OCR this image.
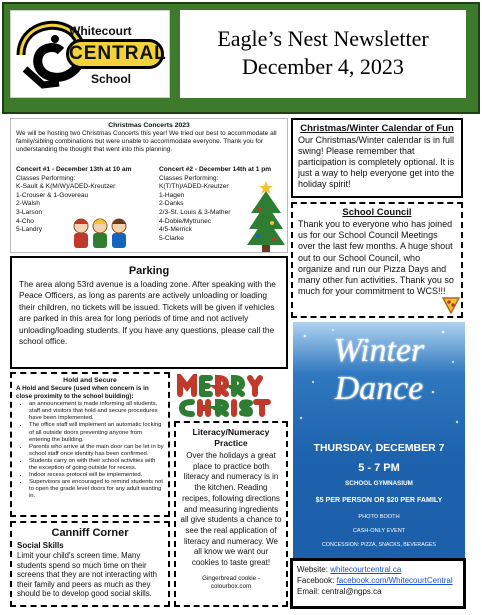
Whitecourt
CENTRAL
School
Eagle’s Nest Newsletter
December 4, 2023
Christmas Concerts 2023
We will be hosting two Christmas Concerts this year! We tried our best to accommodate all family/sibling combinations but were unable to accommodate everyone. Thank you for understanding the thought that went into this planning.
Concert #1 - December 13th at 10 am
Classes Performing:
K-Sault & K(M/W)/ADED-Kreutzer
1-Crouser & 1-Govereau
2-Walsh
3-Larson
4-Cho
5-Landry
Concert #2 - December 14th at 1 pm
Classes Performing:
K(T/Th)/ADED-Kreutzer
1-Hagen
2-Danks
2/3-St. Louis & 3-Mather
4-Doble/Mytrunec
4/5-Merrick
5-Clarke
Christmas/Winter Calendar of Fun

Our Christmas/Winter calendar is in full swing! Please remember that participation is completely optional. It is just a way to help everyone get into the holiday spirit!

School Council

Thank you to everyone who has joined us for our School Council Meetings over the last few months. A huge shout out to our School Council, who organize and run our Pizza Days and many other fun activities. Thank you so much for your commitment to WCS!!!

Parking

The area along 53rd avenue is a loading zone. After speaking with the Peace Officers, as long as parents are actively unloading or loading their children, no tickets will be issued. Tickets will be given if vehicles are parked in this area for long periods of time and not actively unloading/loading students. If you have any questions, please call the school office.

Hold and Secure
A Hold and Secure (used when concern is in close proximity to the school building):
• an announcement is made informing all students, staff and visitors that hold and secure procedures have been implemented.
• The office staff will implement an automatic locking of all outside doors preventing anyone from entering the building.
• Parents who arrive at the main door can be let in by school staff once identity has been confirmed.
• Students carry on with their school activities with the exception of going outside for recess.
• Indoor recess protocol will be implemented.
• Supervisors are encouraged to remind students not to open the grade level doors for any adult wanting in.
Canniff Corner
Social Skills

Limit your child's screen time. Many students spend so much time on their screens that they are not interacting with their family and peers as much as they should be to develop good social skills.

Literacy/Numeracy Practice

Over the holidays a great place to practice both literacy and numeracy is in the kitchen. Reading recipes, following directions and measuring ingredients all give students a chance to see the real application of literacy and numeracy. We all know we want our cookies to taste great!

Gingerbread cookie -
colourbox.com
Winter
Dance
THURSDAY, DECEMBER 7
5 - 7 PM
SCHOOL GYMNASIUM
$5 PER PERSON OR $20 PER FAMILY
PHOTO BOOTH
CASH-ONLY EVENT
CONCESSION: PIZZA, SNACKS, BEVERAGES
Website: whitecourtcentral.ca
Facebook: facebook.com/WhitecourtCentral
Email: central@ngps.ca
